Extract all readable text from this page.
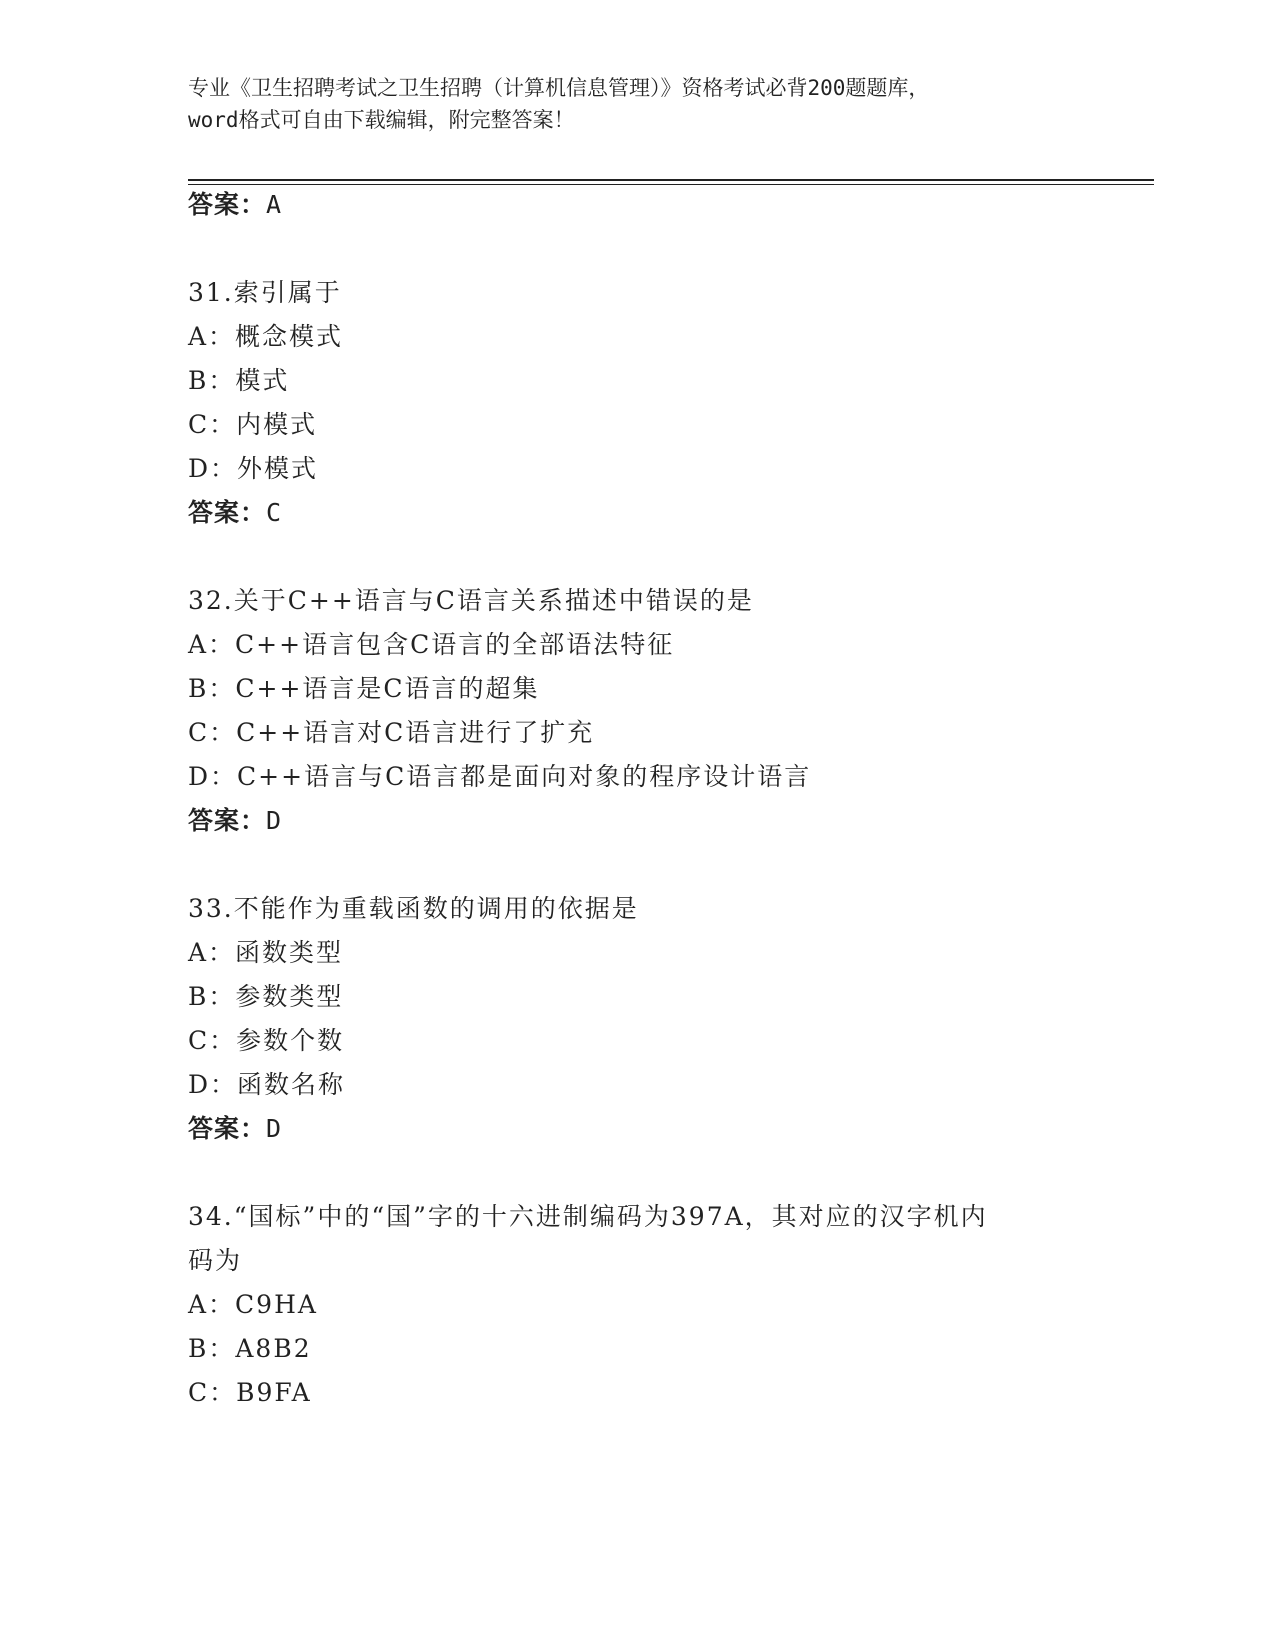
专业《卫生招聘考试之卫生招聘（计算机信息管理）》资格考试必背200题题库，
word格式可自由下载编辑，附完整答案！
答案：A
31.索引属于
A：概念模式
B：模式
C：内模式
D：外模式
答案：C
32.关于C++语言与C语言关系描述中错误的是
A：C++语言包含C语言的全部语法特征
B：C++语言是C语言的超集
C：C++语言对C语言进行了扩充
D：C++语言与C语言都是面向对象的程序设计语言
答案：D
33.不能作为重载函数的调用的依据是
A：函数类型
B：参数类型
C：参数个数
D：函数名称
答案：D
34.“国标”中的“国”字的十六进制编码为397A，其对应的汉字机内
码为
A：C9HA
B：A8B2
C：B9FA
